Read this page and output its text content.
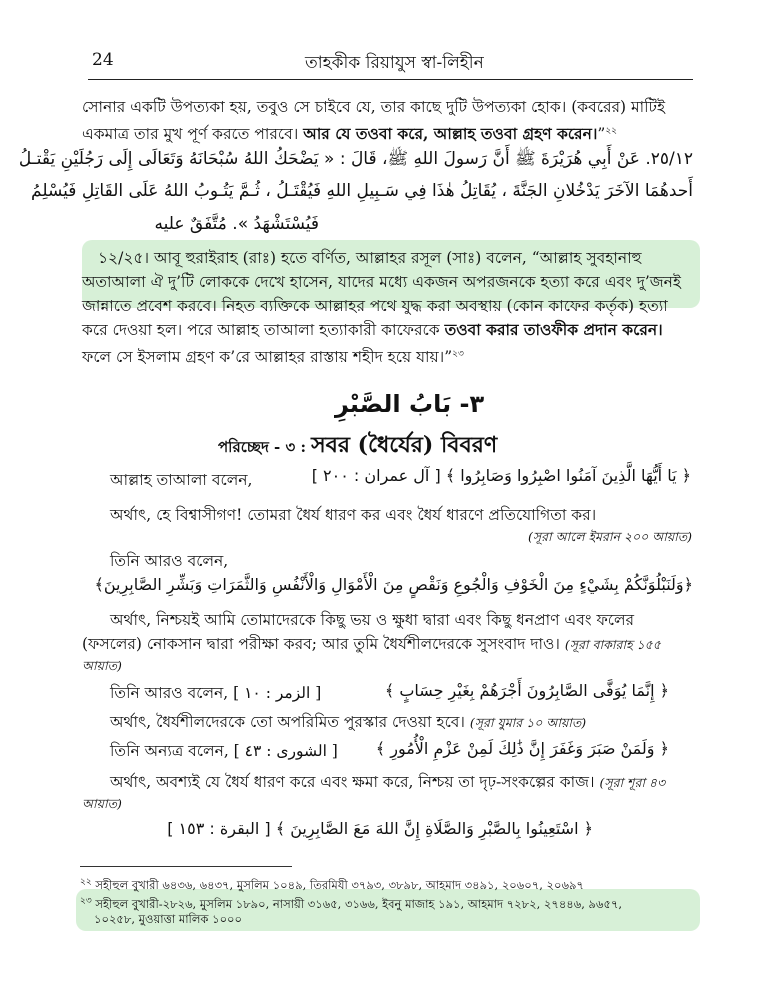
24	তাহকীক রিয়াযুস স্বা-লিহীন
সোনার একটি উপত্যকা হয়, তবুও সে চাইবে যে, তার কাছে দুটি উপত্যকা হোক। (কবরের) মাটিই
একমাত্র তার মুখ পূর্ণ করতে পারবে। আর যে তওবা করে, আল্লাহ তওবা গ্রহণ করেন।”$^{২২}$
٢٥/١٢. عَنْ أَبِي هُرَيْرَةَ ﷺ أَنَّ رَسولَ اللهِ ﷺ، قَالَ : « يَضْحَكُ اللهُ سُبْحَانَهُ وَتَعَالَى إِلَى رَجُلَيْنِ يَقْتـلُ
أَحدهُمَا الآخَرَ يَدْخُلانِ الجَنَّةَ ، يُقَاتِلُ هٰذَا فِي سَـبِيلِ اللهِ فَيُقْتَـلُ ، ثُـمَّ يَتُـوبُ اللهُ عَلَى القَاتِلِ فَيُسْلِمُ
فَيُسْتَشْهَدُ ». مُتَّفَقٌ عليه
১২/২৫। আবূ হুরাইরাহ (রাঃ) হতে বর্ণিত, আল্লাহর রসূল (সাঃ) বলেন, “আল্লাহ সুবহানাহু
অতাআলা ঐ দু’টি লোককে দেখে হাসেন, যাদের মধ্যে একজন অপরজনকে হত্যা করে এবং দু’জনই
জান্নাতে প্রবেশ করবে। নিহত ব্যক্তিকে আল্লাহর পথে যুদ্ধ করা অবস্থায় (কোন কাফের কর্তৃক) হত্যা
করে দেওয়া হল। পরে আল্লাহ তাআলা হত্যাকারী কাফেরকে তওবা করার তাওফীক প্রদান করেন।
ফলে সে ইসলাম গ্রহণ ক’রে আল্লাহর রাস্তায় শহীদ হয়ে যায়।”$^{২৩}$
٣- بَابُ الصَّبْرِ
পরিচ্ছেদ - ৩ : সবর (ধৈর্যের) বিবরণ
আল্লাহ তাআলা বলেন,	﴿ يَا أَيُّهَا الَّذِينَ آمَنُوا اصْبِرُوا وَصَابِرُوا ﴾ [ آل عمران : ٢٠٠ ]
অর্থাৎ, হে বিশ্বাসীগণ! তোমরা ধৈর্য ধারণ কর এবং ধৈর্য ধারণে প্রতিযোগিতা কর।
(সূরা আলে ইমরান ২০০ আয়াত)
তিনি আরও বলেন,
﴿وَلَنَبْلُوَنَّكُمْ بِشَيْءٍ مِنَ الْخَوْفِ وَالْجُوعِ وَنَقْصٍ مِنَ الْأَمْوَالِ وَالْأَنْفُسِ وَالثَّمَرَاتِ وَبَشِّرِ الصَّابِرِينَ﴾
অর্থাৎ, নিশ্চয়ই আমি তোমাদেরকে কিছু ভয় ও ক্ষুধা দ্বারা এবং কিছু ধনপ্রাণ এবং ফলের
(ফসলের) নোকসান দ্বারা পরীক্ষা করব; আর তুমি ধৈর্যশীলদেরকে সুসংবাদ দাও। (সূরা বাকারাহ ১৫৫
আয়াত)
তিনি আরও বলেন, [ الزمر : ١٠ ]	﴿ إِنَّمَا يُوَفَّى الصَّابِرُونَ أَجْرَهُمْ بِغَيْرِ حِسَابٍ ﴾
অর্থাৎ, ধৈর্যশীলদেরকে তো অপরিমিত পুরস্কার দেওয়া হবে। (সূরা যুমার ১০ আয়াত)
তিনি অন্যত্র বলেন, [ الشورى : ٤٣ ] ﴿ وَلَمَنْ صَبَرَ وَغَفَرَ إِنَّ ذَٰلِكَ لَمِنْ عَزْمِ الْأُمُورِ ﴾
অর্থাৎ, অবশ্যই যে ধৈর্য ধারণ করে এবং ক্ষমা করে, নিশ্চয় তা দৃঢ়-সংকল্পের কাজ। (সূরা শূরা ৪৩
আয়াত)
﴿ اسْتَعِينُوا بِالصَّبْرِ وَالصَّلَاةِ إِنَّ اللهَ مَعَ الصَّابِرِينَ ﴾ [ البقرة : ١٥٣ ]
$^{২২}$ সহীহুল বুখারী ৬৪৩৬, ৬৪৩৭, মুসলিম ১০৪৯, তিরমিযী ৩৭৯৩, ৩৮৯৮, আহমাদ ৩৪৯১, ২০৬০৭, ২০৬৯৭
$^{২৩}$ সহীহুল বুখারী-২৮২৬, মুসলিম ১৮৯০, নাসায়ী ৩১৬৫, ৩১৬৬, ইবনু মাজাহ ১৯১, আহমাদ ৭২৮২, ২৭৪৪৬, ৯৬৫৭,
১০২৫৮, মুওয়াত্তা মালিক ১০০০
